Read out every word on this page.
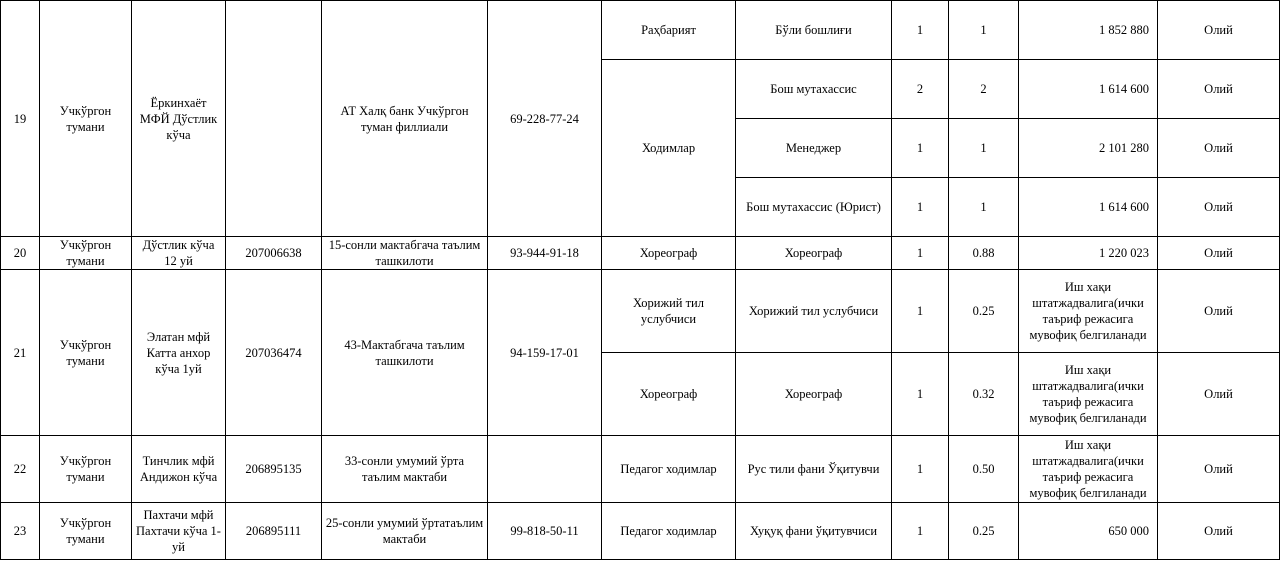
19	Учкўргон тумани	Ёркинхаёт МФЙ Дўстлик кўча		АТ Халқ банк Учкўргон туман филлиали	69-228-77-24	Раҳбарият	Бўли бошлиғи	1	1	1 852 880	Олий
						Ходимлар	Бош мутахассис	2	2	1 614 600	Олий
							Менеджер	1	1	2 101 280	Олий
							Бош мутахассис (Юрист)	1	1	1 614 600	Олий
20	Учкўргон тумани	Дўстлик кўча 12 уй	207006638	15-сонли мактабгача таълим ташкилоти	93-944-91-18	Хореограф	Хореограф	1	0.88	1 220 023	Олий
21	Учкўргон тумани	Элатан мфй Катта анхор кўча 1уй	207036474	43-Мактабгача таълим ташкилоти	94-159-17-01	Хорижий тил услубчиси	Хорижий тил услубчиси	1	0.25	Иш хақи штатжадвалига(ички таъриф режасига мувофиқ белгиланади	Олий
						Хореограф	Хореограф	1	0.32	Иш хақи штатжадвалига(ички таъриф режасига мувофиқ белгиланади	Олий
22	Учкўргон тумани	Тинчлик мфй Андижон кўча	206895135	33-сонли умумий ўрта таълим мактаби		Педагог ходимлар	Рус тили фани Ўқитувчи	1	0.50	Иш хақи штатжадвалига(ички таъриф режасига мувофиқ белгиланади	Олий
23	Учкўргон тумани	Пахтачи мфй Пахтачи кўча 1-уй	206895111	25-сонли умумий ўртатаълим мактаби	99-818-50-11	Педагог ходимлар	Хуқуқ фани ўқитувчиси	1	0.25	650 000	Олий
